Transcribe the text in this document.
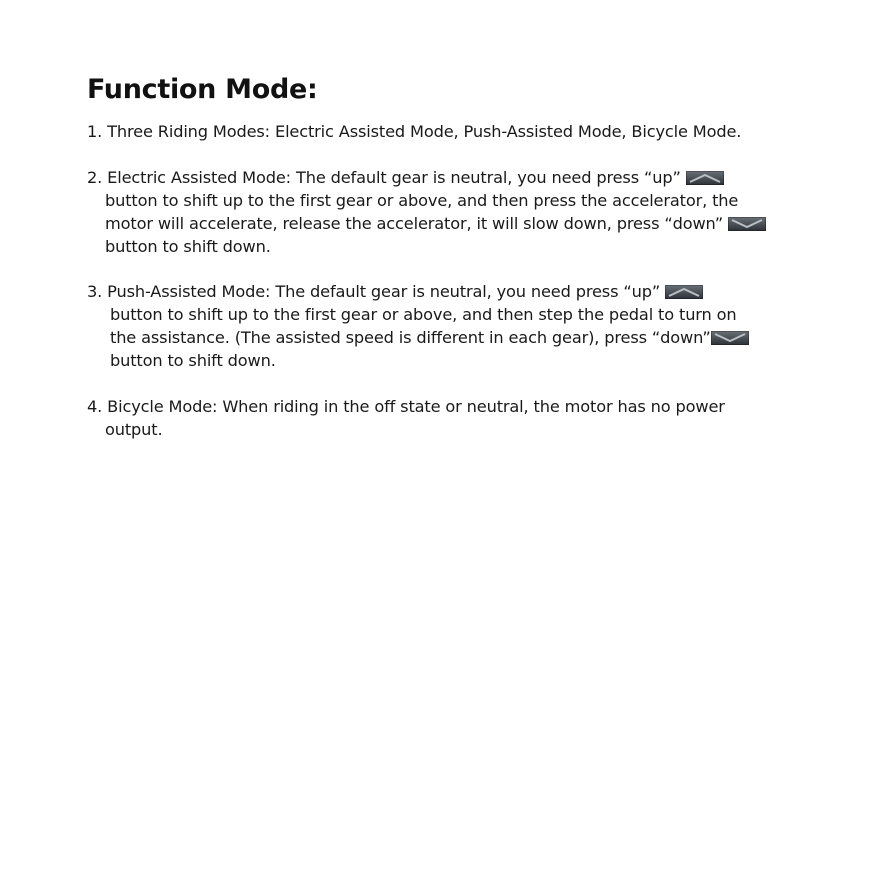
Function Mode:

1. Three Riding Modes: Electric Assisted Mode, Push-Assisted Mode, Bicycle Mode.

2. Electric Assisted Mode: The default gear is neutral, you need press “up”

button to shift up to the first gear or above, and then press the accelerator, the

motor will accelerate, release the accelerator, it will slow down, press “down”

button to shift down.

3. Push-Assisted Mode: The default gear is neutral, you need press “up”

button to shift up to the first gear or above, and then step the pedal to turn on

the assistance. (The assisted speed is different in each gear), press “down”

button to shift down.

4. Bicycle Mode: When riding in the off state or neutral, the motor has no power

output.
